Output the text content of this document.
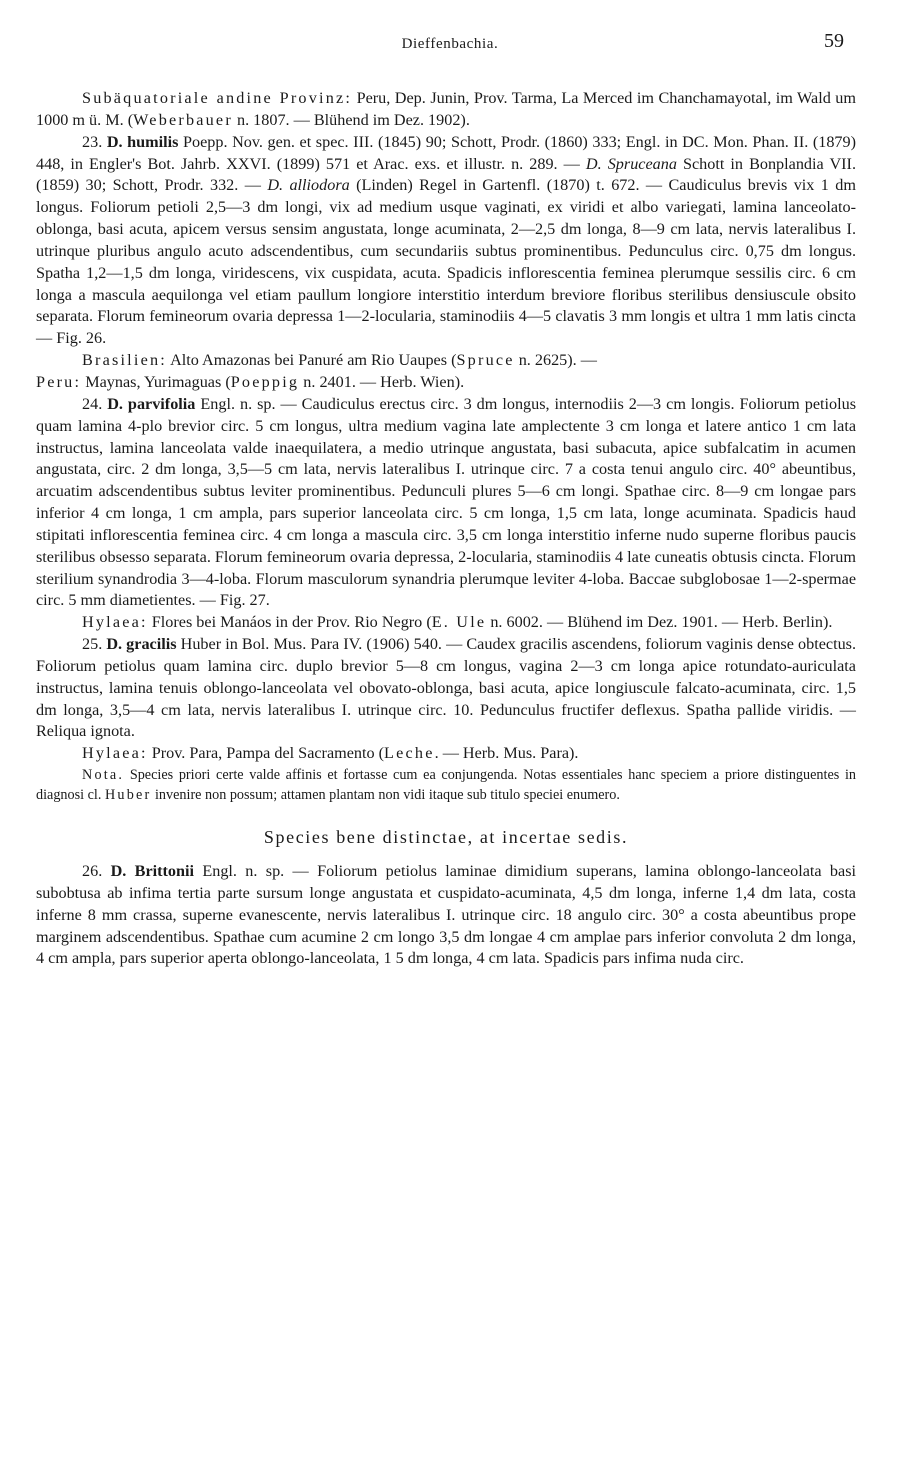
Dieffenbachia.	59

Subäquatoriale andine Provinz: Peru, Dep. Junin, Prov. Tarma, La Merced im Chanchamayotal, im Wald um 1000 m ü. M. (Weberbauer n. 1807. — Blühend im Dez. 1902).

23. D. humilis Poepp. Nov. gen. et spec. III. (1845) 90; Schott, Prodr. (1860) 333; Engl. in DC. Mon. Phan. II. (1879) 448, in Engler's Bot. Jahrb. XXVI. (1899) 571 et Arac. exs. et illustr. n. 289. — D. Spruceana Schott in Bonplandia VII. (1859) 30; Schott, Prodr. 332. — D. alliodora (Linden) Regel in Gartenfl. (1870) t. 672. — Caudiculus brevis vix 1 dm longus. Foliorum petioli 2,5—3 dm longi, vix ad medium usque vaginati, ex viridi et albo variegati, lamina lanceolato-oblonga, basi acuta, apicem versus sensim angustata, longe acuminata, 2—2,5 dm longa, 8—9 cm lata, nervis lateralibus I. utrinque pluribus angulo acuto adscendentibus, cum secundariis subtus prominentibus. Pedunculus circ. 0,75 dm longus. Spatha 1,2—1,5 dm longa, viridescens, vix cuspidata, acuta. Spadicis inflorescentia feminea plerumque sessilis circ. 6 cm longa a mascula aequilonga vel etiam paullum longiore interstitio interdum breviore floribus sterilibus densiuscule obsito separata. Florum femineorum ovaria depressa 1—2-locularia, staminodiis 4—5 clavatis 3 mm longis et ultra 1 mm latis cincta — Fig. 26.

Brasilien: Alto Amazonas bei Panuré am Rio Uaupes (Spruce n. 2625). —

Peru: Maynas, Yurimaguas (Poeppig n. 2401. — Herb. Wien).

24. D. parvifolia Engl. n. sp. — Caudiculus erectus circ. 3 dm longus, internodiis 2—3 cm longis. Foliorum petiolus quam lamina 4-plo brevior circ. 5 cm longus, ultra medium vagina late amplectente 3 cm longa et latere antico 1 cm lata instructus, lamina lanceolata valde inaequilatera, a medio utrinque angustata, basi subacuta, apice subfalcatim in acumen angustata, circ. 2 dm longa, 3,5—5 cm lata, nervis lateralibus I. utrinque circ. 7 a costa tenui angulo circ. 40° abeuntibus, arcuatim adscendentibus subtus leviter prominentibus. Pedunculi plures 5—6 cm longi. Spathae circ. 8—9 cm longae pars inferior 4 cm longa, 1 cm ampla, pars superior lanceolata circ. 5 cm longa, 1,5 cm lata, longe acuminata. Spadicis haud stipitati inflorescentia feminea circ. 4 cm longa a mascula circ. 3,5 cm longa interstitio inferne nudo superne floribus paucis sterilibus obsesso separata. Florum femineorum ovaria depressa, 2-locularia, staminodiis 4 late cuneatis obtusis cincta. Florum sterilium synandrodia 3—4-loba. Florum masculorum synandria plerumque leviter 4-loba. Baccae subglobosae 1—2-spermae circ. 5 mm diametientes. — Fig. 27.

Hylaea: Flores bei Manáos in der Prov. Rio Negro (E. Ule n. 6002. — Blühend im Dez. 1901. — Herb. Berlin).

25. D. gracilis Huber in Bol. Mus. Para IV. (1906) 540. — Caudex gracilis ascendens, foliorum vaginis dense obtectus. Foliorum petiolus quam lamina circ. duplo brevior 5—8 cm longus, vagina 2—3 cm longa apice rotundato-auriculata instructus, lamina tenuis oblongo-lanceolata vel obovato-oblonga, basi acuta, apice longiuscule falcato-acuminata, circ. 1,5 dm longa, 3,5—4 cm lata, nervis lateralibus I. utrinque circ. 10. Pedunculus fructifer deflexus. Spatha pallide viridis. — Reliqua ignota.

Hylaea: Prov. Para, Pampa del Sacramento (Leche. — Herb. Mus. Para).

Nota. Species priori certe valde affinis et fortasse cum ea conjungenda. Notas essentiales hanc speciem a priore distinguentes in diagnosi cl. Huber invenire non possum; attamen plantam non vidi itaque sub titulo speciei enumero.

Species bene distinctae, at incertae sedis.

26. D. Brittonii Engl. n. sp. — Foliorum petiolus laminae dimidium superans, lamina oblongo-lanceolata basi subobtusa ab infima tertia parte sursum longe angustata et cuspidato-acuminata, 4,5 dm longa, inferne 1,4 dm lata, costa inferne 8 mm crassa, superne evanescente, nervis lateralibus I. utrinque circ. 18 angulo circ. 30° a costa abeuntibus prope marginem adscendentibus. Spathae cum acumine 2 cm longo 3,5 dm longae 4 cm amplae pars inferior convoluta 2 dm longa, 4 cm ampla, pars superior aperta oblongo-lanceolata, 1 5 dm longa, 4 cm lata. Spadicis pars infima nuda circ.
